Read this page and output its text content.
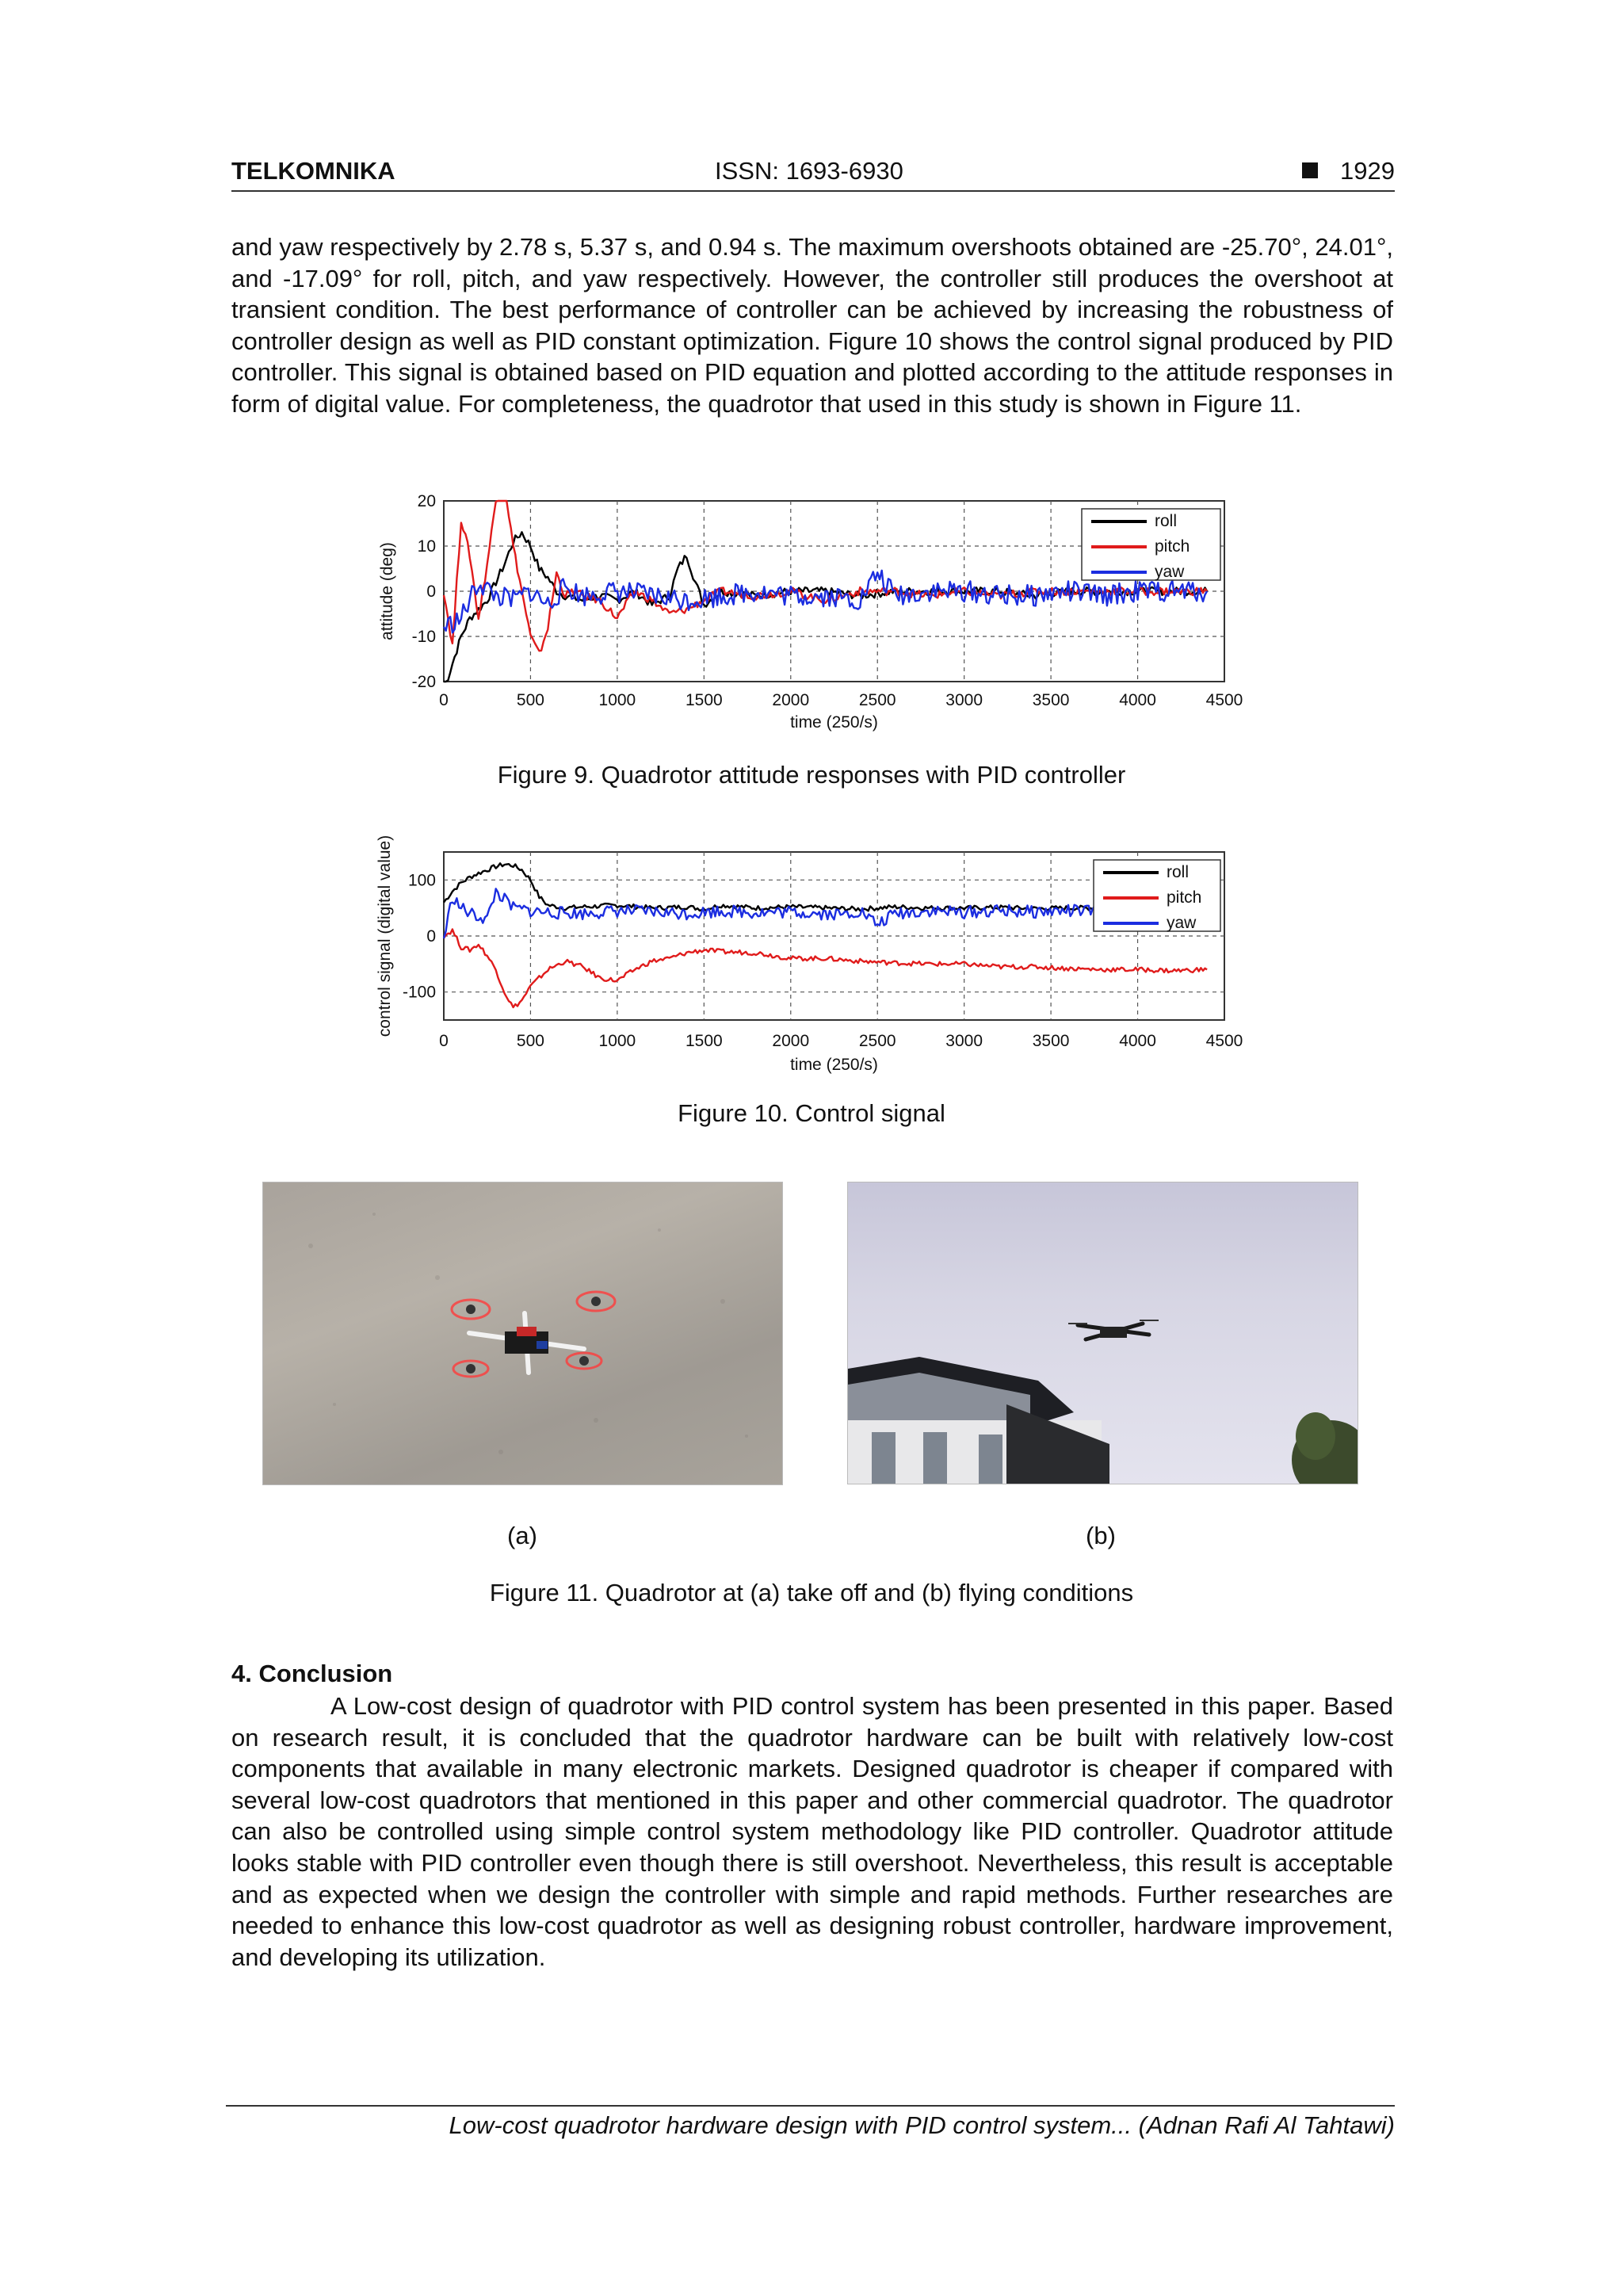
TELKOMNIKA	ISSN: 1693-6930	1929

and yaw respectively by 2.78 s, 5.37 s, and 0.94 s. The maximum overshoots obtained are -25.70°, 24.01°, and -17.09° for roll, pitch, and yaw respectively. However, the controller still produces the overshoot at transient condition. The best performance of controller can be achieved by increasing the robustness of controller design as well as PID constant optimization. Figure 10 shows the control signal produced by PID controller. This signal is obtained based on PID equation and plotted according to the attitude responses in form of digital value. For completeness, the quadrotor that used in this study is shown in Figure 11.

0	500	1000	1500	2000	2500	3000	3500	4000	4500
20
10
0
-10
-20
time (250/s)
attitude (deg)
roll
pitch
yaw
Figure 9. Quadrotor attitude responses with PID controller
0	500	1000	1500	2000	2500	3000	3500	4000	4500
100
0
-100
time (250/s)
control signal (digital value)	roll
pitch
yaw
Figure 10. Control signal
(a)	(b)
Figure 11. Quadrotor at (a) take off and (b) flying conditions
4. Conclusion

A Low-cost design of quadrotor with PID control system has been presented in this paper. Based on research result, it is concluded that the quadrotor hardware can be built with relatively low-cost components that available in many electronic markets. Designed quadrotor is cheaper if compared with several low-cost quadrotors that mentioned in this paper and other commercial quadrotor. The quadrotor can also be controlled using simple control system methodology like PID controller. Quadrotor attitude looks stable with PID controller even though there is still overshoot. Nevertheless, this result is acceptable and as expected when we design the controller with simple and rapid methods. Further researches are needed to enhance this low-cost quadrotor as well as designing robust controller, hardware improvement, and developing its utilization.

Low-cost quadrotor hardware design with PID control system... (Adnan Rafi Al Tahtawi)
